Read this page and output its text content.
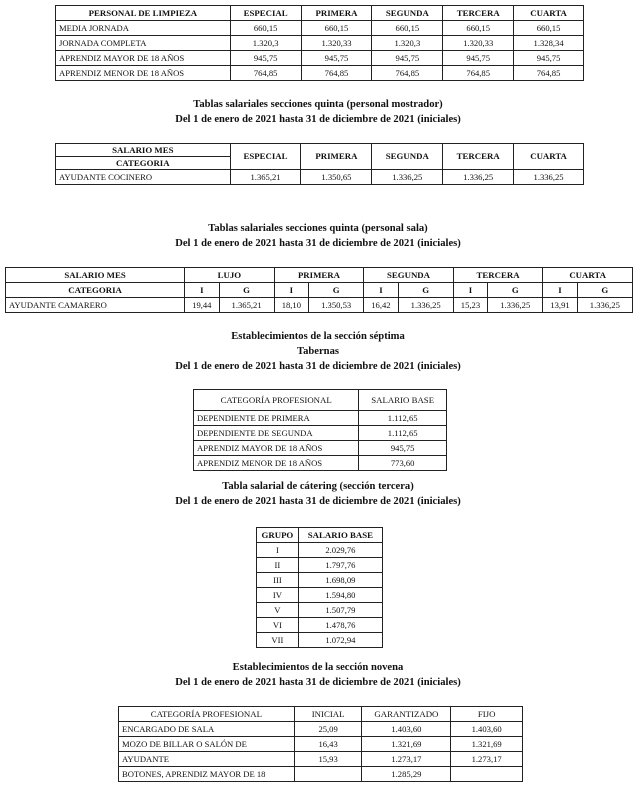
PERSONAL DE LIMPIEZA	ESPECIAL	PRIMERA	SEGUNDA	TERCERA	CUARTA
MEDIA JORNADA	660,15	660,15	660,15	660,15	660,15
JORNADA COMPLETA	1.320,3	1.320,33	1.320,3	1.320,33	1.328,34
APRENDIZ MAYOR DE 18 AÑOS	945,75	945,75	945,75	945,75	945,75
APRENDIZ MENOR DE 18 AÑOS	764,85	764,85	764,85	764,85	764,85
Tablas salariales secciones quinta (personal mostrador)
Del 1 de enero de 2021 hasta 31 de diciembre de 2021 (iniciales)
SALARIO MES	ESPECIAL	PRIMERA	SEGUNDA	TERCERA	CUARTA
CATEGORIA					
AYUDANTE COCINERO	1.365,21	1.350,65	1.336,25	1.336,25	1.336,25
Tablas salariales secciones quinta (personal sala)
Del 1 de enero de 2021 hasta 31 de diciembre de 2021 (iniciales)
SALARIO MES	LUJO		PRIMERA		SEGUNDA		TERCERA		CUARTA	
CATEGORIA	I	G	I	G	I	G	I	G	I	G
AYUDANTE CAMARERO	19,44	1.365,21	18,10	1.350,53	16,42	1.336,25	15,23	1.336,25	13,91	1.336,25
Establecimientos de la sección séptima
Tabernas
Del 1 de enero de 2021 hasta 31 de diciembre de 2021 (iniciales)
CATEGORÍA PROFESIONAL	SALARIO BASE
DEPENDIENTE DE PRIMERA	1.112,65
DEPENDIENTE DE SEGUNDA	1.112,65
APRENDIZ MAYOR DE 18 AÑOS	945,75
APRENDIZ MENOR DE 18 AÑOS	773,60
Tabla salarial de cátering (sección tercera)
Del 1 de enero de 2021 hasta 31 de diciembre de 2021 (iniciales)
GRUPO	SALARIO BASE
I	2.029,76
II	1.797,76
III	1.698,09
IV	1.594,80
V	1.507,79
VI	1.478,76
VII	1.072,94
Establecimientos de la sección novena
Del 1 de enero de 2021 hasta 31 de diciembre de 2021 (iniciales)
CATEGORÍA PROFESIONAL	INICIAL	GARANTIZADO	FIJO
ENCARGADO DE SALA	25,09	1.403,60	1.403,60
MOZO DE BILLAR O SALÓN DE	16,43	1.321,69	1.321,69
AYUDANTE	15,93	1.273,17	1.273,17
BOTONES, APRENDIZ MAYOR DE 18		1.285,29	
